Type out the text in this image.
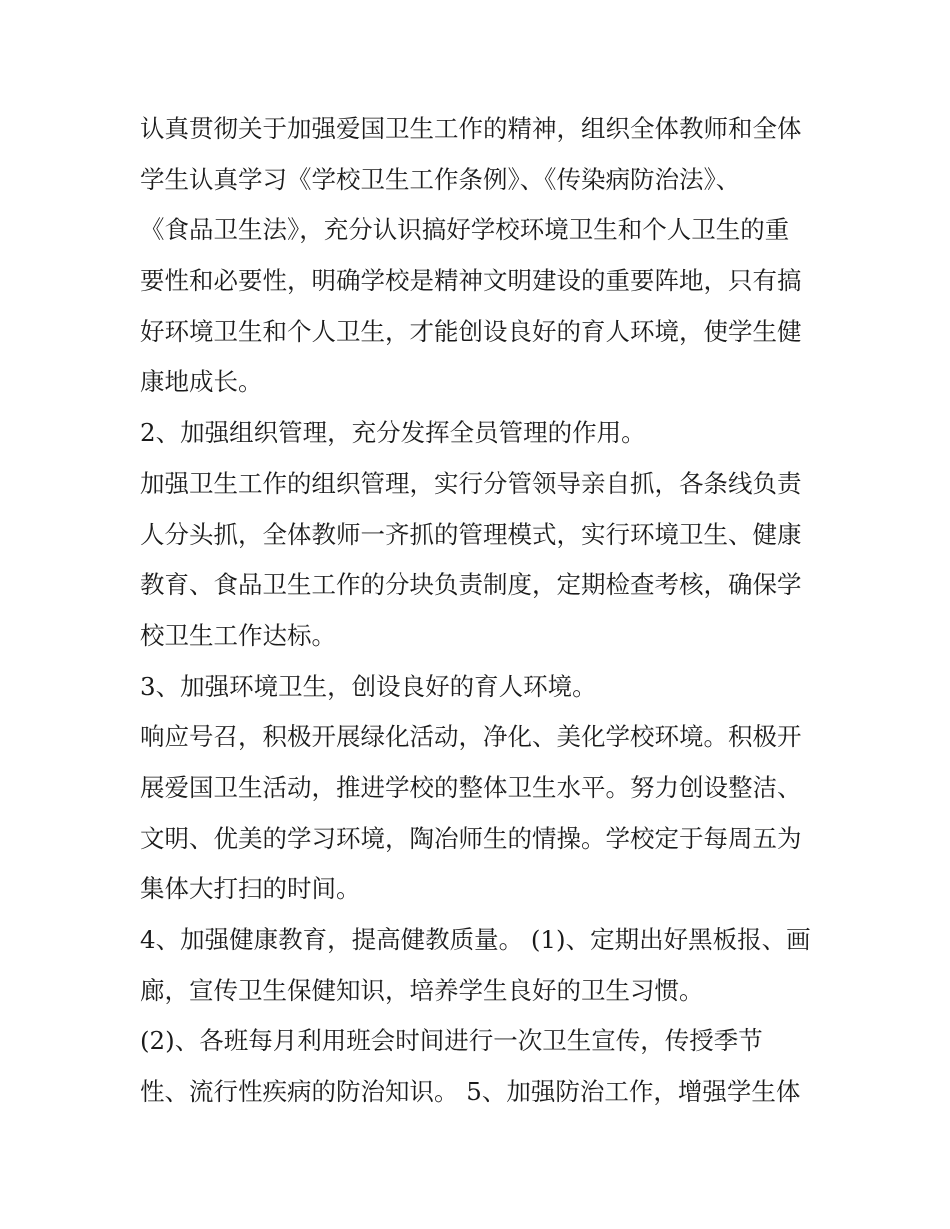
认真贯彻关于加强爱国卫生工作的精神，组织全体教师和全体
学生认真学习《学校卫生工作条例》、《传染病防治法》、
《食品卫生法》，充分认识搞好学校环境卫生和个人卫生的重
要性和必要性，明确学校是精神文明建设的重要阵地，只有搞
好环境卫生和个人卫生，才能创设良好的育人环境，使学生健
康地成长。
2、加强组织管理，充分发挥全员管理的作用。
加强卫生工作的组织管理，实行分管领导亲自抓，各条线负责
人分头抓，全体教师一齐抓的管理模式，实行环境卫生、健康
教育、食品卫生工作的分块负责制度，定期检查考核，确保学
校卫生工作达标。
3、加强环境卫生，创设良好的育人环境。
响应号召，积极开展绿化活动，净化、美化学校环境。积极开
展爱国卫生活动，推进学校的整体卫生水平。努力创设整洁、
文明、优美的学习环境，陶冶师生的情操。学校定于每周五为
集体大打扫的时间。
4、加强健康教育，提高健教质量。 (1)、定期出好黑板报、画
廊，宣传卫生保健知识，培养学生良好的卫生习惯。
(2)、各班每月利用班会时间进行一次卫生宣传，传授季节
性、流行性疾病的防治知识。 5、加强防治工作，增强学生体
